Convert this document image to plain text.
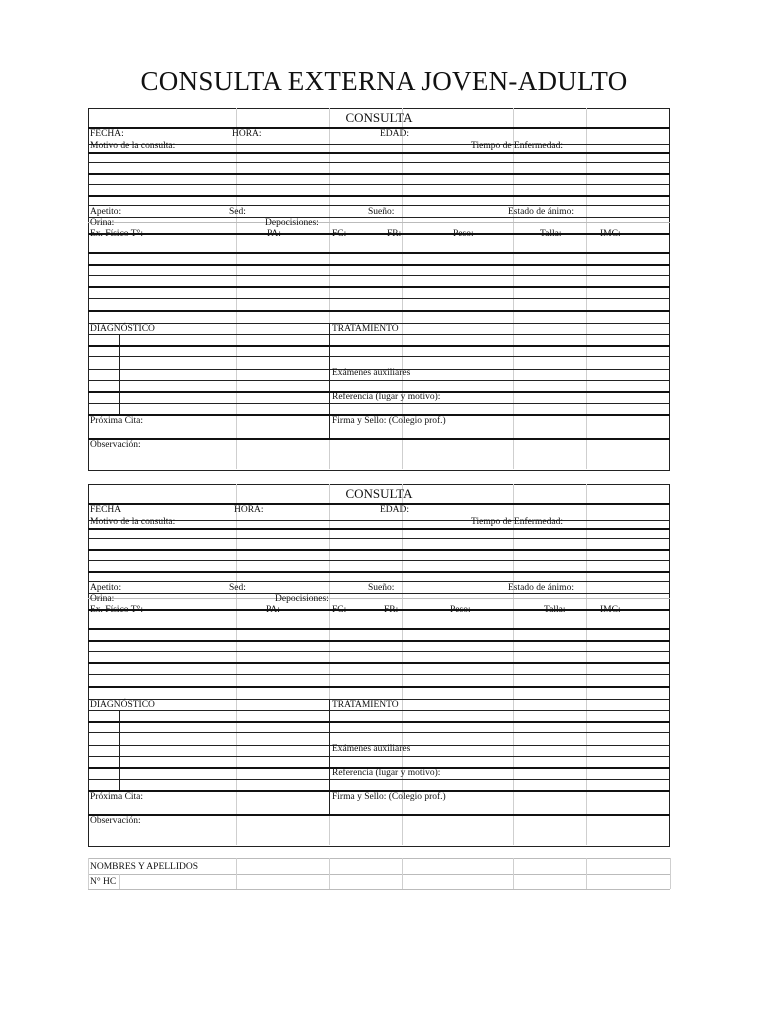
CONSULTA EXTERNA JOVEN-ADULTO
CONSULTA
FECHA:	HORA:	EDAD:
Motivo de la consulta:	Tiempo de Enfermedad:
Apetito:	Sed:	Sueño:	Estado de ánimo:
Orina:	Depocisiones:
Ex. Físico T°:	PA:	FC:	FR:	Peso:	Talla:	IMC:
DIAGNÓSTICO	TRATAMIENTO
Exámenes auxiliares
Referencia (lugar y motivo):
Próxima Cita:	Firma y Sello: (Colegio prof.)
Observación:
CONSULTA
FECHA	HORA:	EDAD:
Motivo de la consulta:	Tiempo de Enfermedad:
Apetito:	Sed:	Sueño:	Estado de ánimo:
Orina:	Depocisiones:
Ex. Físico T°:	PA:	FC:	FR:	Peso:	Talla:	IMC:
DIAGNÓSTICO	TRATAMIENTO
Exámenes auxiliares
Referencia (lugar y motivo):
Próxima Cita:	Firma y Sello: (Colegio prof.)
Observación:
NOMBRES Y APELLIDOS
N° HC
